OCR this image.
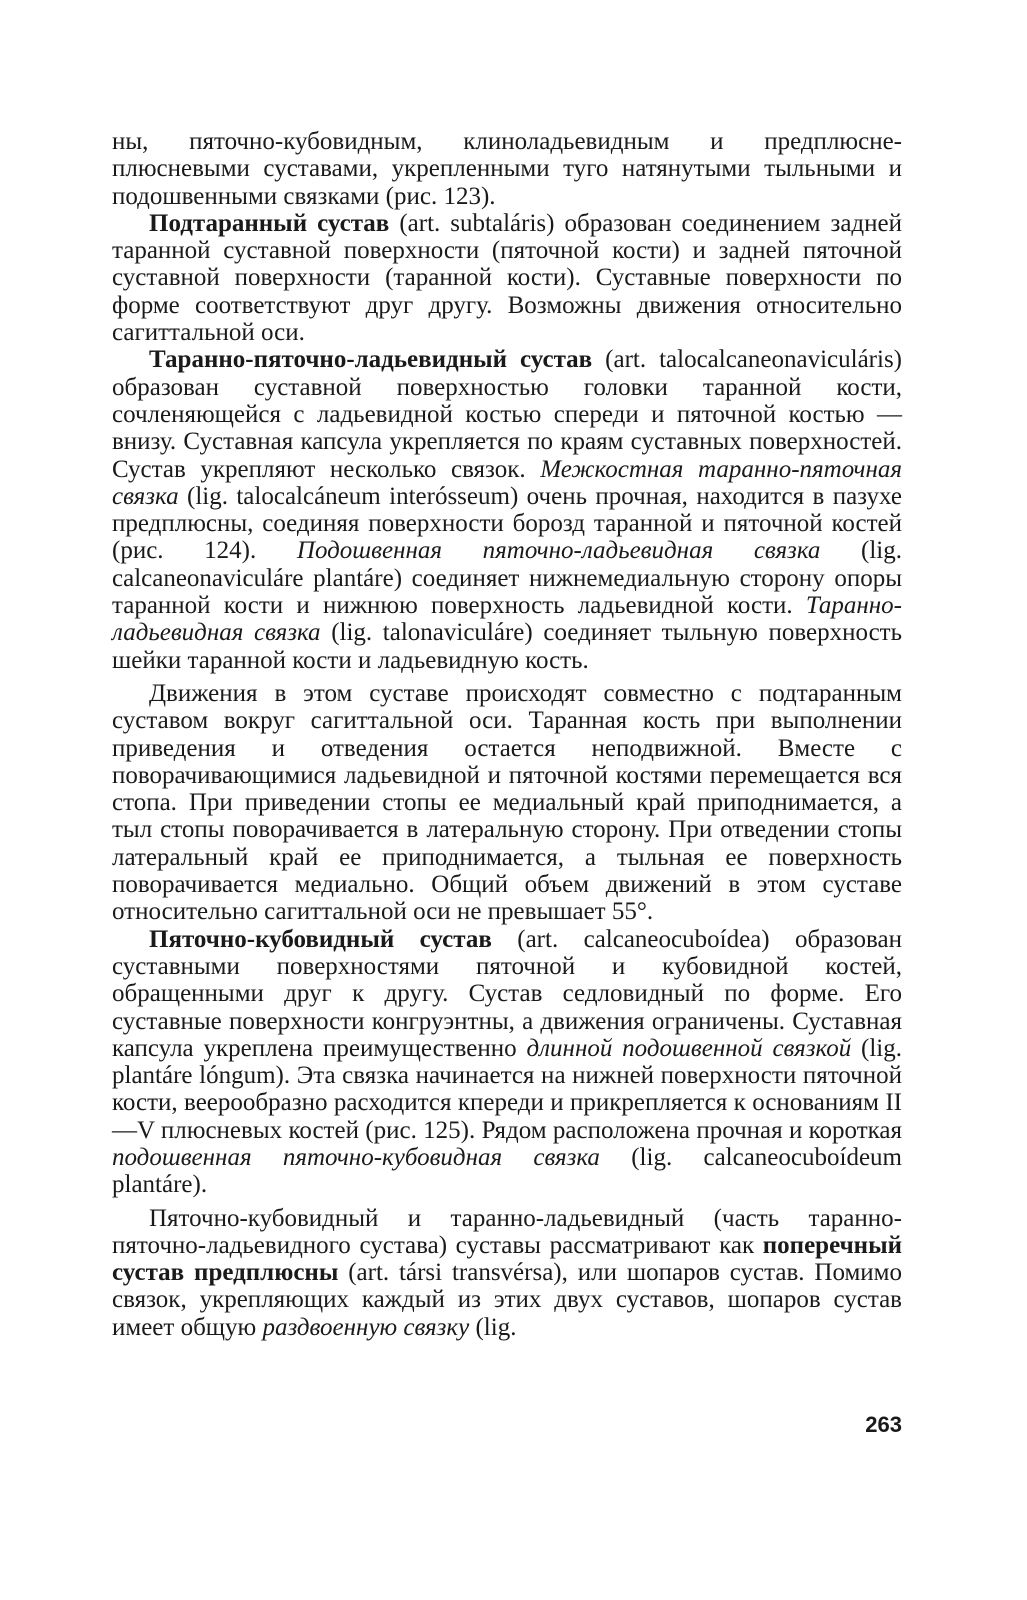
ны, пяточно-кубовидным, клиноладьевидным и предплюсне-плюсневыми суставами, укрепленными туго натянутыми тыльными и подошвенными связками (рис. 123).

Подтаранный сустав (art. subtaláris) образован соединением задней таранной суставной поверхности (пяточной кости) и задней пяточной суставной поверхности (таранной кости). Суставные поверхности по форме соответствуют друг другу. Возможны движения относительно сагиттальной оси.

Таранно-пяточно-ладьевидный сустав (art. talocalcaneonaviculáris) образован суставной поверхностью головки таранной кости, сочленяющейся с ладьевидной костью спереди и пяточной костью — внизу. Суставная капсула укрепляется по краям суставных поверхностей. Сустав укрепляют несколько связок. Межкостная таранно-пяточная связка (lig. talocalcáneum interósseum) очень прочная, находится в пазухе предплюсны, соединяя поверхности борозд таранной и пяточной костей (рис. 124). Подошвенная пяточно-ладьевидная связка (lig. calcaneonaviculáre plantáre) соединяет нижнемедиальную сторону опоры таранной кости и нижнюю поверхность ладьевидной кости. Таранно-ладьевидная связка (lig. talonaviculáre) соединяет тыльную поверхность шейки таранной кости и ладьевидную кость.

Движения в этом суставе происходят совместно с подтаранным суставом вокруг сагиттальной оси. Таранная кость при выполнении приведения и отведения остается неподвижной. Вместе с поворачивающимися ладьевидной и пяточной костями перемещается вся стопа. При приведении стопы ее медиальный край приподнимается, а тыл стопы поворачивается в латеральную сторону. При отведении стопы латеральный край ее приподнимается, а тыльная ее поверхность поворачивается медиально. Общий объем движений в этом суставе относительно сагиттальной оси не превышает 55°.

Пяточно-кубовидный сустав (art. calcaneocuboídea) образован суставными поверхностями пяточной и кубовидной костей, обращенными друг к другу. Сустав седловидный по форме. Его суставные поверхности конгруэнтны, а движения ограничены. Суставная капсула укреплена преимущественно длинной подошвенной связкой (lig. plantáre lóngum). Эта связка начинается на нижней поверхности пяточной кости, веерообразно расходится кпереди и прикрепляется к основаниям II—V плюсневых костей (рис. 125). Рядом расположена прочная и короткая подошвенная пяточно-кубовидная связка (lig. calcaneocuboídeum plantáre).

Пяточно-кубовидный и таранно-ладьевидный (часть таранно-пяточно-ладьевидного сустава) суставы рассматривают как поперечный сустав предплюсны (art. társi transvérsa), или шопаров сустав. Помимо связок, укрепляющих каждый из этих двух суставов, шопаров сустав имеет общую раздвоенную связку (lig.

263
